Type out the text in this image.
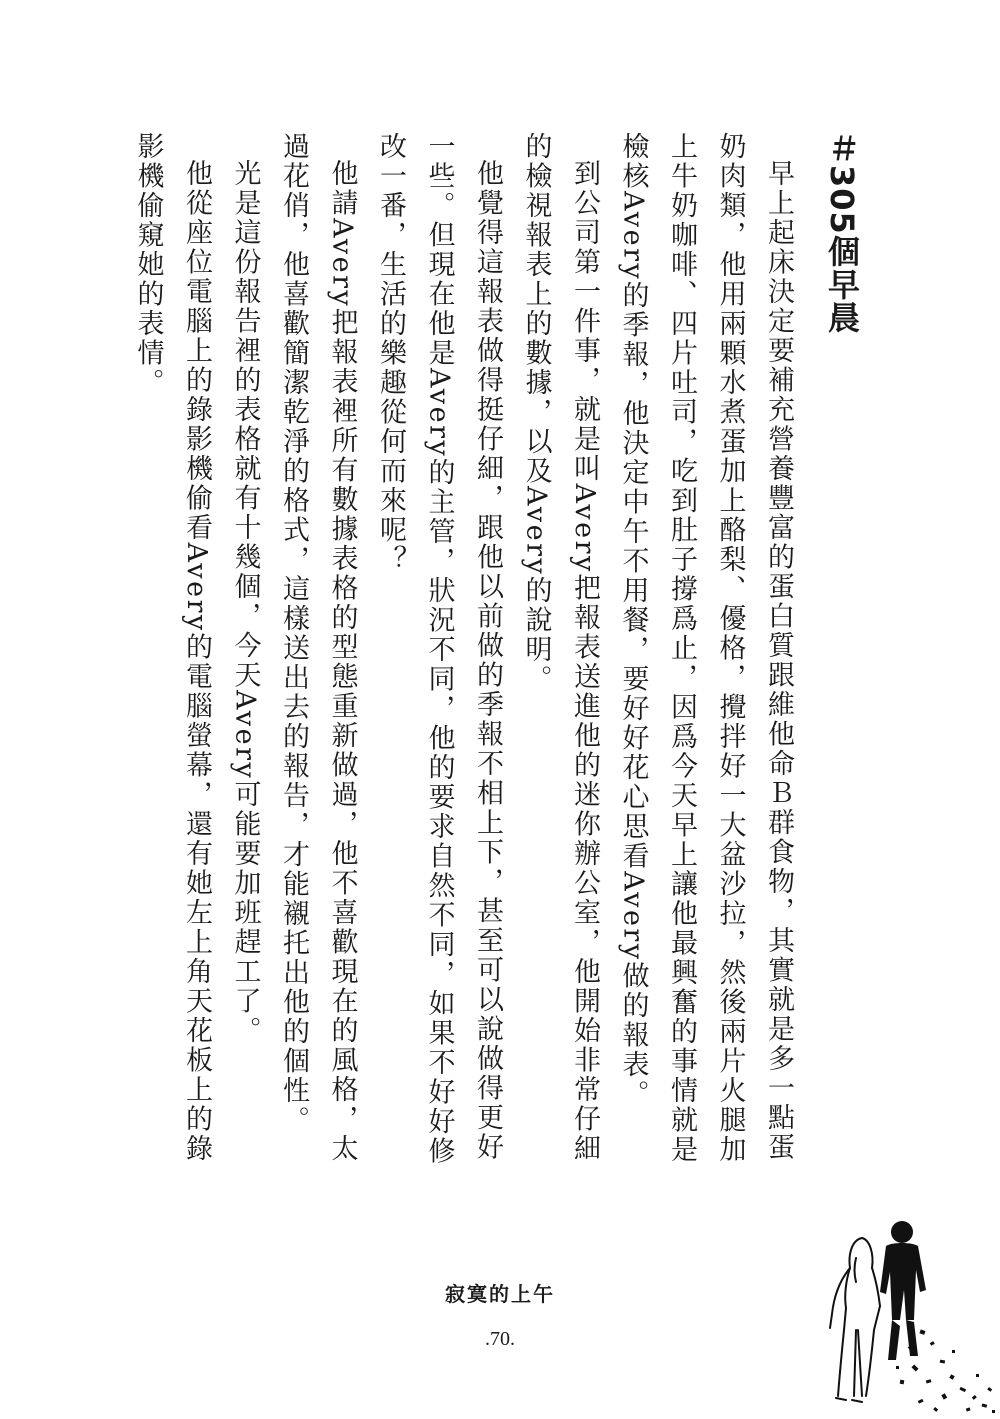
＃305個早晨

早上起床決定要補充營養豐富的蛋白質跟維他命Ｂ群食物，其實就是多一點蛋奶肉類，他用兩顆水煮蛋加上酪梨、優格，攪拌好一大盆沙拉，然後兩片火腿加上牛奶咖啡、四片吐司，吃到肚子撐爲止，因爲今天早上讓他最興奮的事情就是檢核Avery的季報，他決定中午不用餐，要好好花心思看Avery做的報表。

到公司第一件事，就是叫Avery把報表送進他的迷你辦公室，他開始非常仔細的檢視報表上的數據，以及Avery的說明。

他覺得這報表做得挺仔細，跟他以前做的季報不相上下，甚至可以說做得更好一些。但現在他是Avery的主管，狀況不同，他的要求自然不同，如果不好好修改一番，生活的樂趣從何而來呢？

他請Avery把報表裡所有數據表格的型態重新做過，他不喜歡現在的風格，太過花俏，他喜歡簡潔乾淨的格式，這樣送出去的報告，才能襯托出他的個性。

光是這份報告裡的表格就有十幾個，今天Avery可能要加班趕工了。

他從座位電腦上的錄影機偷看Avery的電腦螢幕，還有她左上角天花板上的錄影機偷窺她的表情。

寂寞的上午
.70.
